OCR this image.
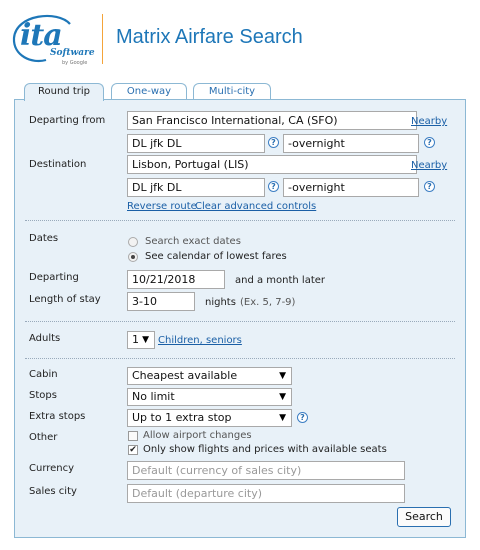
ita
Software
by Google
Matrix Airfare Search
Round trip	One-way	Multi-city
Departing from	San Francisco International, CA (SFO)	Nearby
DL jfk DL	?	-overnight	?
Destination	Lisbon, Portugal (LIS)	Nearby
DL jfk DL	?	-overnight	?
Reverse route
Clear advanced controls
Dates	Search exact dates
See calendar of lowest fares
Departing	10/21/2018	and a month later
Length of stay	3-10	nights (Ex. 5, 7-9)
Adults	1 ▼ Children, seniors
Cabin	Cheapest available	▼
Stops	No limit	▼
Extra stops	Up to 1 extra stop	▼	?
Other	Allow airport changes
✔ Only show flights and prices with available seats
Currency	Default (currency of sales city)
Sales city	Default (departure city)
Search
